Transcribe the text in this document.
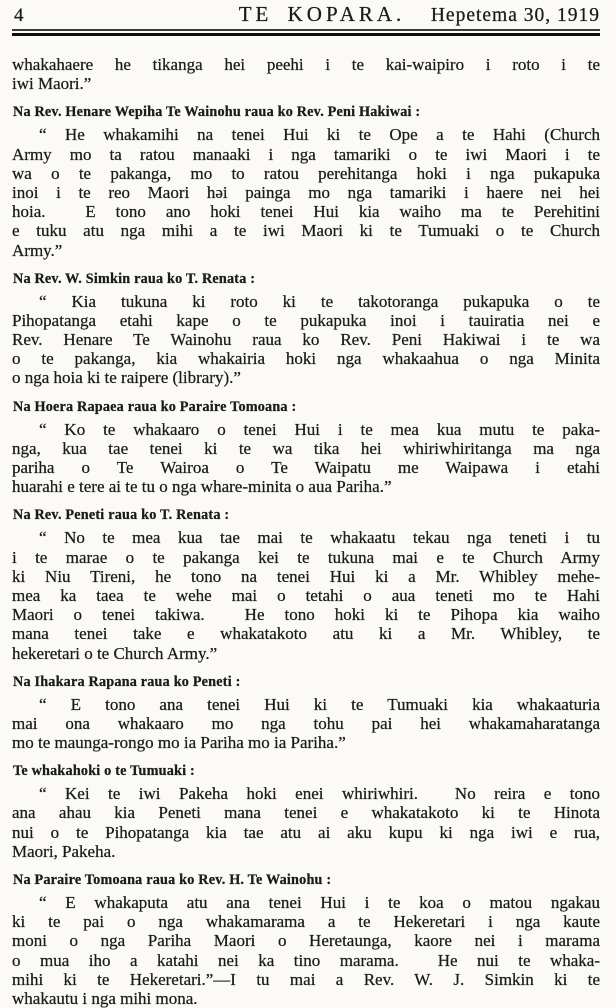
4	TE KOPARA. Hepetema 30, 1919
whakahaere he tikanga hei peehi i te kai-waipiro i roto i te
iwi Maori.”
Na Rev. Henare Wepiha Te Wainohu raua ko Rev. Peni Hakiwai :
“ He whakamihi na tenei Hui ki te Ope a te Hahi (Church
Army mo ta ratou manaaki i nga tamariki o te iwi Maori i te
wa o te pakanga, mo to ratou perehitanga hoki i nga pukapuka
inoi i te reo Maori həi painga mo nga tamariki i haere nei hei
hoia.  E tono ano hoki tenei Hui kia waiho ma te Perehitini
e tuku atu nga mihi a te iwi Maori ki te Tumuaki o te Church
Army.”
Na Rev. W. Simkin raua ko T. Renata :
“ Kia tukuna ki roto ki te takotoranga pukapuka o te
Pihopatanga etahi kape o te pukapuka inoi i tauiratia nei e
Rev. Henare Te Wainohu raua ko Rev. Peni Hakiwai i te wa
o te pakanga, kia whakairia hoki nga whakaahua o nga Minita
o nga hoia ki te raipere (library).”
Na Hoera Rapaea raua ko Paraire Tomoana :
“ Ko te whakaaro o tenei Hui i te mea kua mutu te paka-
nga, kua tae tenei ki te wa tika hei whiriwhiritanga ma nga
pariha o Te Wairoa o Te Waipatu me Waipawa i etahi
huarahi e tere ai te tu o nga whare-minita o aua Pariha.”
Na Rev. Peneti raua ko T. Renata :
“ No te mea kua tae mai te whakaatu tekau nga teneti i tu
i te marae o te pakanga kei te tukuna mai e te Church Army
ki Niu Tireni, he tono na tenei Hui ki a Mr. Whibley mehe-
mea ka taea te wehe mai o tetahi o aua teneti mo te Hahi
Maori o tenei takiwa.  He tono hoki ki te Pihopa kia waiho
mana tenei take e whakatakoto atu ki a Mr. Whibley, te
hekeretari o te Church Army.”
Na Ihakara Rapana raua ko Peneti :
“ E tono ana tenei Hui ki te Tumuaki kia whakaaturia
mai ona whakaaro mo nga tohu pai hei whakamaharatanga
mo te maunga-rongo mo ia Pariha mo ia Pariha.”
Te whakahoki o te Tumuaki :
“ Kei te iwi Pakeha hoki enei whiriwhiri.  No reira e tono
ana ahau kia Peneti mana tenei e whakatakoto ki te Hinota
nui o te Pihopatanga kia tae atu ai aku kupu ki nga iwi e rua,
Maori, Pakeha.
Na Paraire Tomoana raua ko Rev. H. Te Wainohu :
“ E whakaputa atu ana tenei Hui i te koa o matou ngakau
ki te pai o nga whakamarama a te Hekeretari i nga kaute
moni o nga Pariha Maori o Heretaunga, kaore nei i marama
o mua iho a katahi nei ka tino marama.  He nui te whaka-
mihi ki te Hekeretari.”—I tu mai a Rev. W. J. Simkin ki te
whakautu i nga mihi mona.
